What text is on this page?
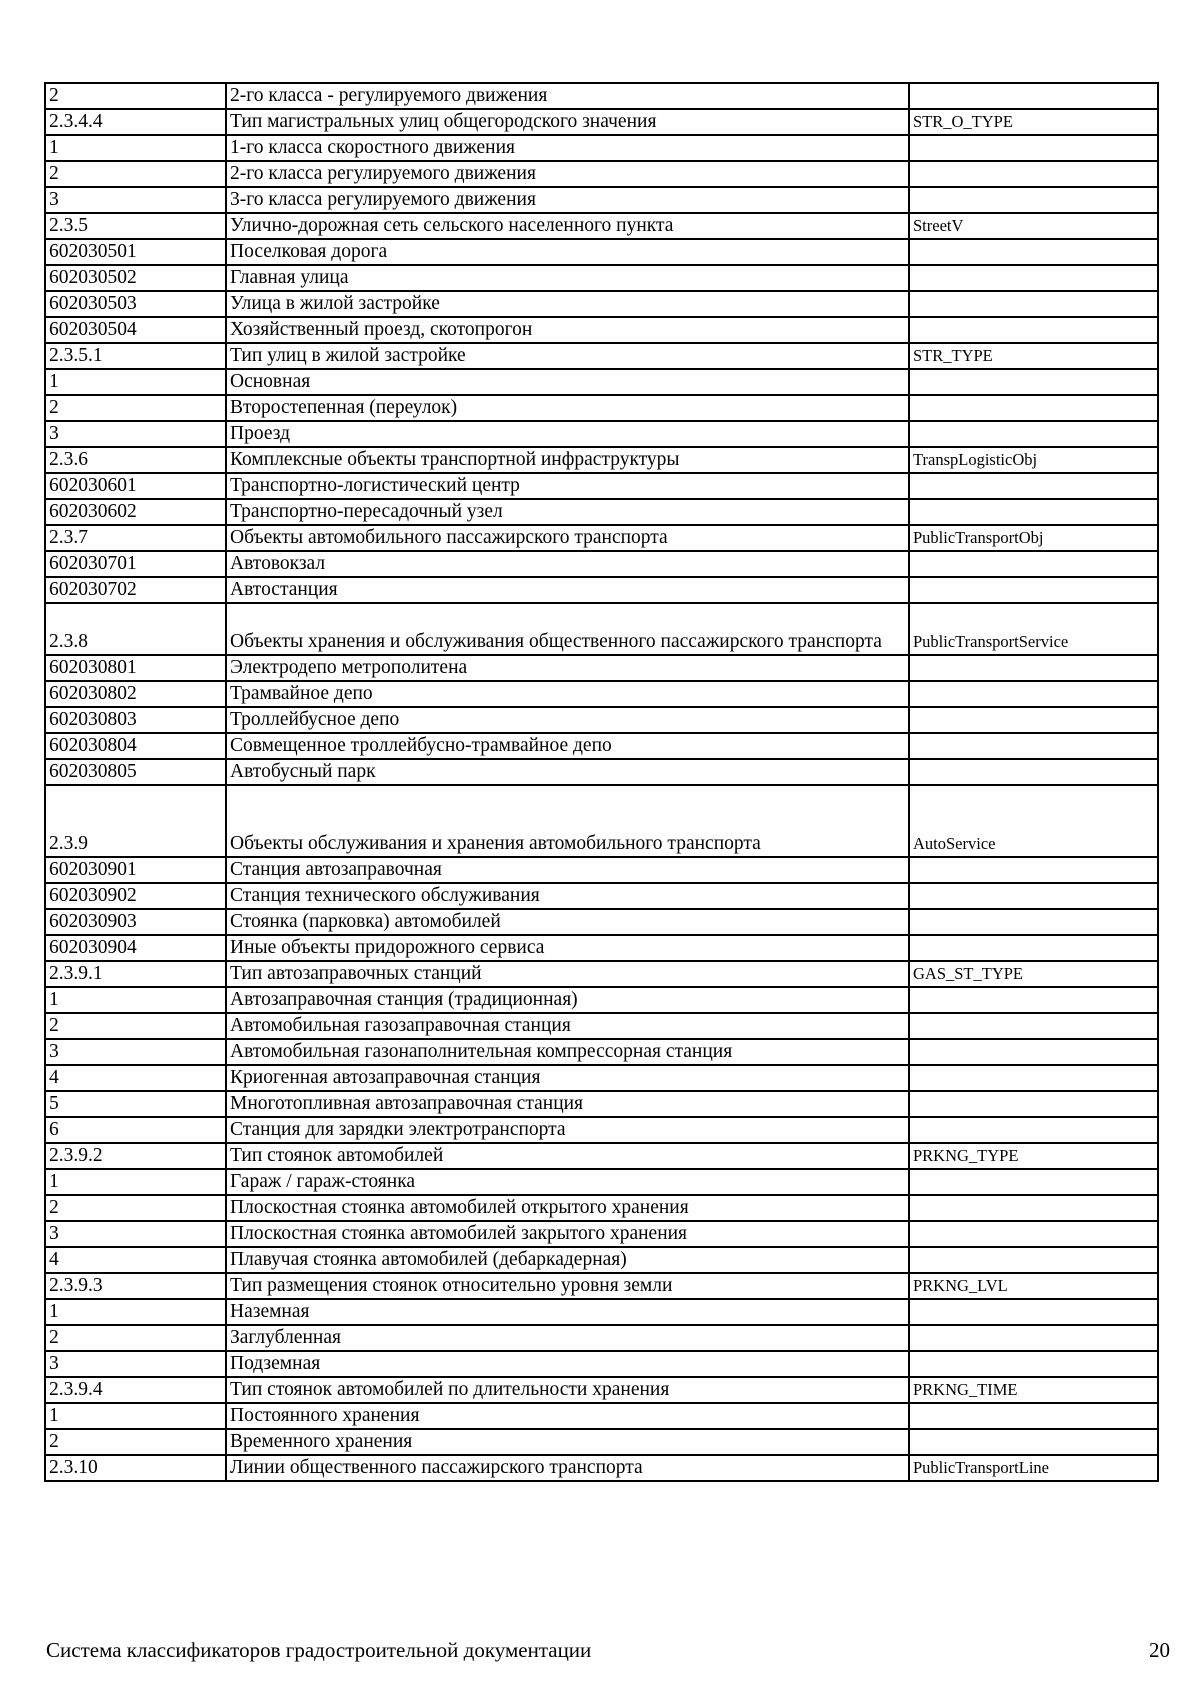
2	2-го класса - регулируемого движения	
2.3.4.4	Тип магистральных улиц общегородского значения	STR_O_TYPE
1	1-го класса скоростного движения	
2	2-го класса регулируемого движения	
3	3-го класса регулируемого движения	
2.3.5	Улично-дорожная сеть сельского населенного пункта	StreetV
602030501	Поселковая дорога	
602030502	Главная улица	
602030503	Улица в жилой застройке	
602030504	Хозяйственный проезд, скотопрогон	
2.3.5.1	Тип улиц в жилой застройке	STR_TYPE
1	Основная	
2	Второстепенная (переулок)	
3	Проезд	
2.3.6	Комплексные объекты транспортной инфраструктуры	TranspLogisticObj
602030601	Транспортно-логистический центр	
602030602	Транспортно-пересадочный узел	
2.3.7	Объекты автомобильного пассажирского транспорта	PublicTransportObj
602030701	Автовокзал	
602030702	Автостанция	
2.3.8	Объекты хранения и обслуживания общественного пассажирского транспорта	PublicTransportService
602030801	Электродепо метрополитена	
602030802	Трамвайное депо	
602030803	Троллейбусное депо	
602030804	Совмещенное троллейбусно-трамвайное депо	
602030805	Автобусный парк	
2.3.9	Объекты обслуживания и хранения автомобильного транспорта	AutoService
602030901	Станция автозаправочная	
602030902	Станция технического обслуживания	
602030903	Стоянка (парковка) автомобилей	
602030904	Иные объекты придорожного сервиса	
2.3.9.1	Тип автозаправочных станций	GAS_ST_TYPE
1	Автозаправочная станция (традиционная)	
2	Автомобильная газозаправочная станция	
3	Автомобильная газонаполнительная компрессорная станция	
4	Криогенная автозаправочная станция	
5	Многотопливная автозаправочная станция	
6	Станция для зарядки электротранспорта	
2.3.9.2	Тип стоянок автомобилей	PRKNG_TYPE
1	Гараж / гараж-стоянка	
2	Плоскостная стоянка автомобилей открытого хранения	
3	Плоскостная стоянка автомобилей закрытого хранения	
4	Плавучая стоянка автомобилей (дебаркадерная)	
2.3.9.3	Тип размещения стоянок относительно уровня земли	PRKNG_LVL
1	Наземная	
2	Заглубленная	
3	Подземная	
2.3.9.4	Тип стоянок автомобилей по длительности хранения	PRKNG_TIME
1	Постоянного хранения	
2	Временного хранения	
2.3.10	Линии общественного пассажирского транспорта	PublicTransportLine
Система классификаторов градостроительной документации	20
